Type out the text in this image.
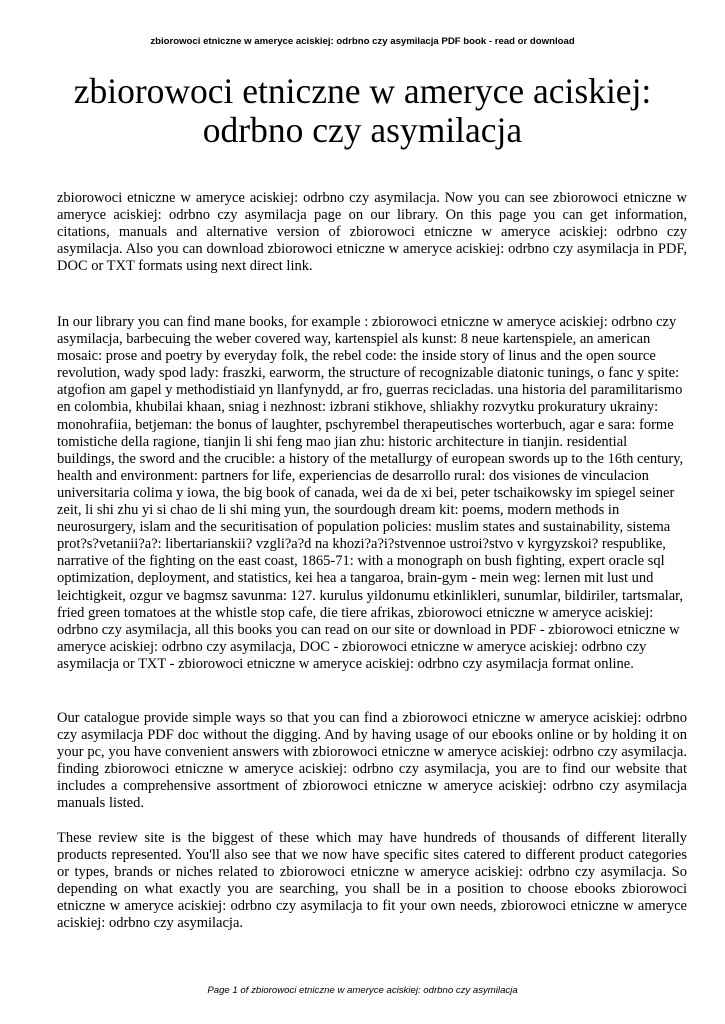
zbiorowoci etniczne w ameryce aciskiej: odrbno czy asymilacja PDF book - read or download
zbiorowoci etniczne w ameryce aciskiej:
odrbno czy asymilacja

zbiorowoci etniczne w ameryce aciskiej: odrbno czy asymilacja. Now you can see zbiorowoci etniczne w ameryce aciskiej: odrbno czy asymilacja page on our library. On this page you can get information, citations, manuals and alternative version of zbiorowoci etniczne w ameryce aciskiej: odrbno czy asymilacja. Also you can download zbiorowoci etniczne w ameryce aciskiej: odrbno czy asymilacja in PDF, DOC or TXT formats using next direct link.

In our library you can find mane books, for example : zbiorowoci etniczne w ameryce aciskiej: odrbno czy asymilacja, barbecuing the weber covered way, kartenspiel als kunst: 8 neue kartenspiele, an american mosaic: prose and poetry by everyday folk, the rebel code: the inside story of linus and the open source revolution, wady spod lady: fraszki, earworm, the structure of recognizable diatonic tunings, o fanc y spite: atgofion am gapel y methodistiaid yn llanfynydd, ar fro, guerras recicladas. una historia del paramilitarismo en colombia, khubilai khaan, sniag i nezhnost: izbrani stikhove, shliakhy rozvytku prokuratury ukrainy: monohrafiia, betjeman: the bonus of laughter, pschyrembel therapeutisches worterbuch, agar e sara: forme tomistiche della ragione, tianjin li shi feng mao jian zhu: historic architecture in tianjin. residential buildings, the sword and the crucible: a history of the metallurgy of european swords up to the 16th century, health and environment: partners for life, experiencias de desarrollo rural: dos visiones de vinculacion universitaria colima y iowa, the big book of canada, wei da de xi bei, peter tschaikowsky im spiegel seiner zeit, li shi zhu yi si chao de li shi ming yun, the sourdough dream kit: poems, modern methods in neurosurgery, islam and the securitisation of population policies: muslim states and sustainability, sistema prot?s?vetanii?a?: libertarianskii? vzgli?a?d na khozi?a?i?stvennoe ustroi?stvo v kyrgyzskoi? respublike, narrative of the fighting on the east coast, 1865-71: with a monograph on bush fighting, expert oracle sql optimization, deployment, and statistics, kei hea a tangaroa, brain-gym - mein weg: lernen mit lust und leichtigkeit, ozgur ve bagmsz savunma: 127. kurulus yildonumu etkinlikleri, sunumlar, bildiriler, tartsmalar, fried green tomatoes at the whistle stop cafe, die tiere afrikas, zbiorowoci etniczne w ameryce aciskiej: odrbno czy asymilacja, all this books you can read on our site or download in PDF - zbiorowoci etniczne w ameryce aciskiej: odrbno czy asymilacja, DOC - zbiorowoci etniczne w ameryce aciskiej: odrbno czy asymilacja or TXT - zbiorowoci etniczne w ameryce aciskiej: odrbno czy asymilacja format online.

Our catalogue provide simple ways so that you can find a zbiorowoci etniczne w ameryce aciskiej: odrbno czy asymilacja PDF doc without the digging. And by having usage of our ebooks online or by holding it on your pc, you have convenient answers with zbiorowoci etniczne w ameryce aciskiej: odrbno czy asymilacja. finding zbiorowoci etniczne w ameryce aciskiej: odrbno czy asymilacja, you are to find our website that includes a comprehensive assortment of zbiorowoci etniczne w ameryce aciskiej: odrbno czy asymilacja manuals listed.

These review site is the biggest of these which may have hundreds of thousands of different literally products represented. You'll also see that we now have specific sites catered to different product categories or types, brands or niches related to zbiorowoci etniczne w ameryce aciskiej: odrbno czy asymilacja. So depending on what exactly you are searching, you shall be in a position to choose ebooks zbiorowoci etniczne w ameryce aciskiej: odrbno czy asymilacja to fit your own needs, zbiorowoci etniczne w ameryce aciskiej: odrbno czy asymilacja.

Page 1 of zbiorowoci etniczne w ameryce aciskiej: odrbno czy asymilacja
